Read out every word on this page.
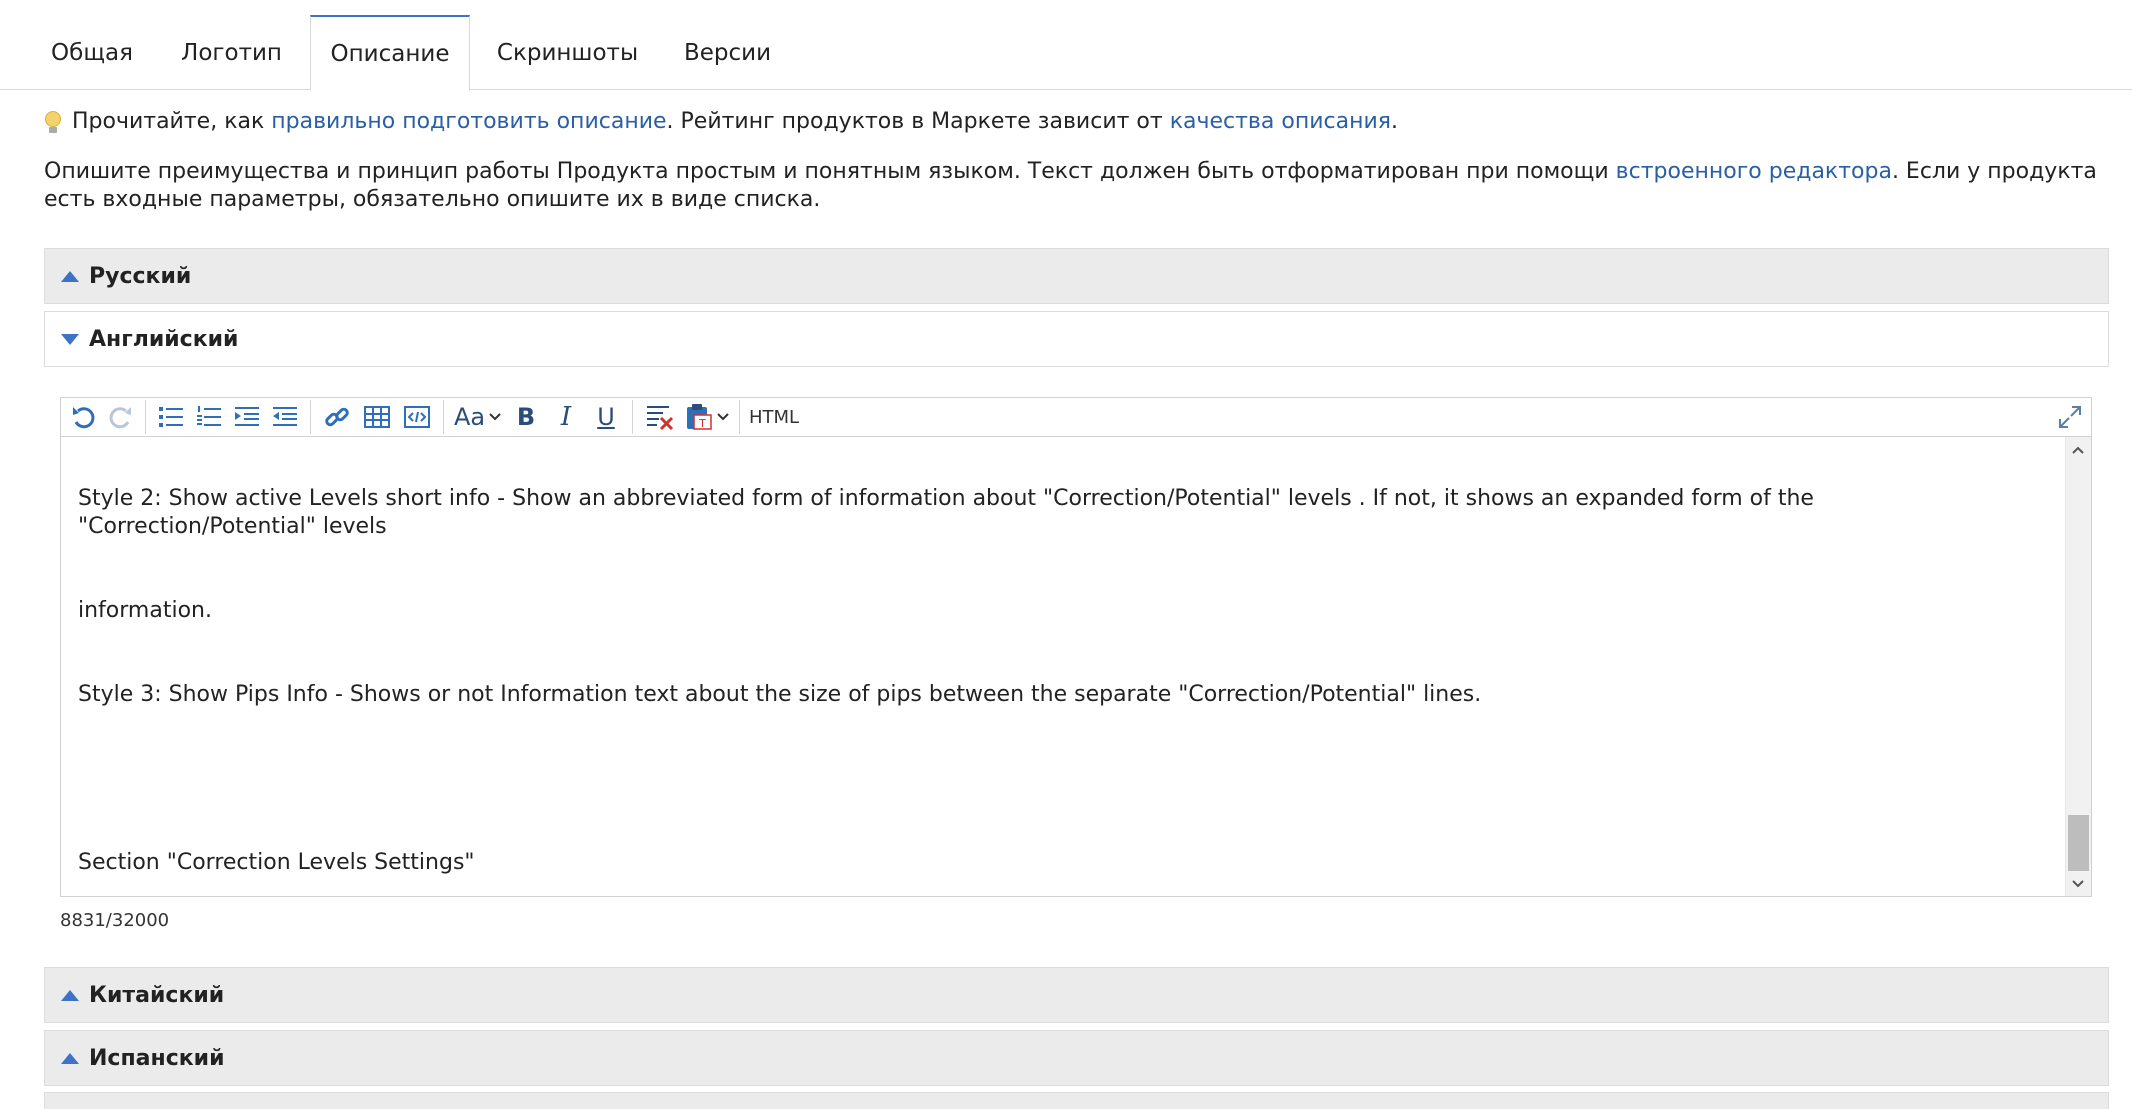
Общая Логотип Описание Скриншоты Версии
Прочитайте, как правильно подготовить описание. Рейтинг продуктов в Маркете зависит от качества описания.
Опишите преимущества и принцип работы Продукта простым и понятным языком. Текст должен быть отформатирован при помощи встроенного редактора. Если у продукта есть входные параметры, обязательно опишите их в виде списка.
Русский
Английский
Aa B I U	T HTML

Style 2: Show active Levels short info - Show an abbreviated form of information about "Correction/Potential" levels . If not, it shows an expanded form of the "Correction/Potential" levels

information.

Style 3: Show Pips Info - Shows or not Information text about the size of pips between the separate "Correction/Potential" lines.

Section "Correction Levels Settings"

8831/32000
Китайский
Испанский
